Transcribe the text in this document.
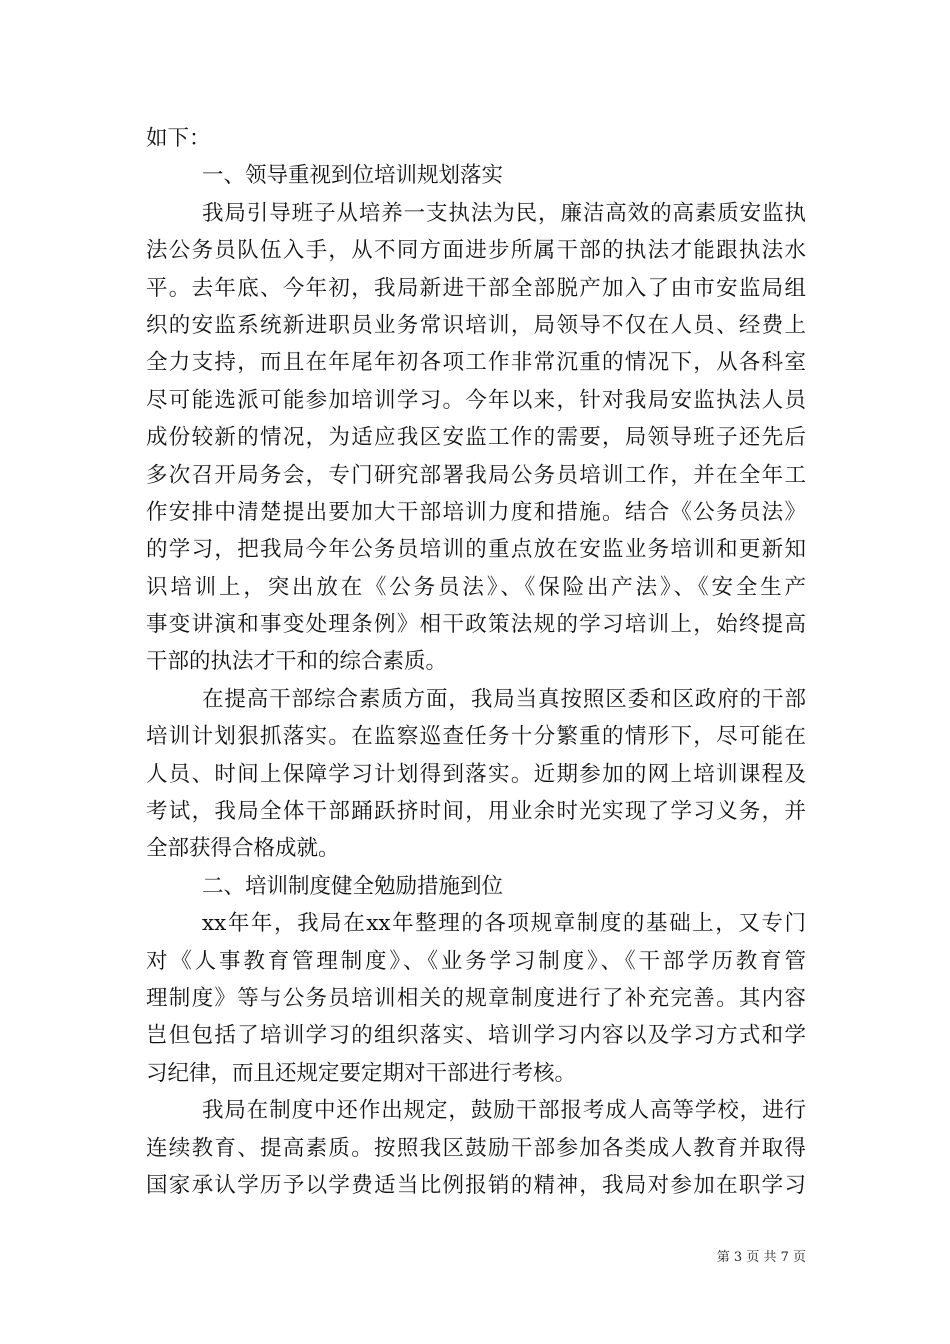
如下：
一、领导重视到位培训规划落实
我局引导班子从培养一支执法为民，廉洁高效的高素质安监执
法公务员队伍入手，从不同方面进步所属干部的执法才能跟执法水
平。去年底、今年初，我局新进干部全部脱产加入了由市安监局组
织的安监系统新进职员业务常识培训，局领导不仅在人员、经费上
全力支持，而且在年尾年初各项工作非常沉重的情况下，从各科室
尽可能选派可能参加培训学习。今年以来，针对我局安监执法人员
成份较新的情况，为适应我区安监工作的需要，局领导班子还先后
多次召开局务会，专门研究部署我局公务员培训工作，并在全年工
作安排中清楚提出要加大干部培训力度和措施。结合《公务员法》
的学习，把我局今年公务员培训的重点放在安监业务培训和更新知
识培训上，突出放在《公务员法》、《保险出产法》、《安全生产
事变讲演和事变处理条例》相干政策法规的学习培训上，始终提高
干部的执法才干和的综合素质。
在提高干部综合素质方面，我局当真按照区委和区政府的干部
培训计划狠抓落实。在监察巡查任务十分繁重的情形下，尽可能在
人员、时间上保障学习计划得到落实。近期参加的网上培训课程及
考试，我局全体干部踊跃挤时间，用业余时光实现了学习义务，并
全部获得合格成就。
二、培训制度健全勉励措施到位
xx年年，我局在xx年整理的各项规章制度的基础上，又专门
对《人事教育管理制度》、《业务学习制度》、《干部学历教育管
理制度》等与公务员培训相关的规章制度进行了补充完善。其内容
岂但包括了培训学习的组织落实、培训学习内容以及学习方式和学
习纪律，而且还规定要定期对干部进行考核。
我局在制度中还作出规定，鼓励干部报考成人高等学校，进行
连续教育、提高素质。按照我区鼓励干部参加各类成人教育并取得
国家承认学历予以学费适当比例报销的精神，我局对参加在职学习
第 3 页 共 7 页
